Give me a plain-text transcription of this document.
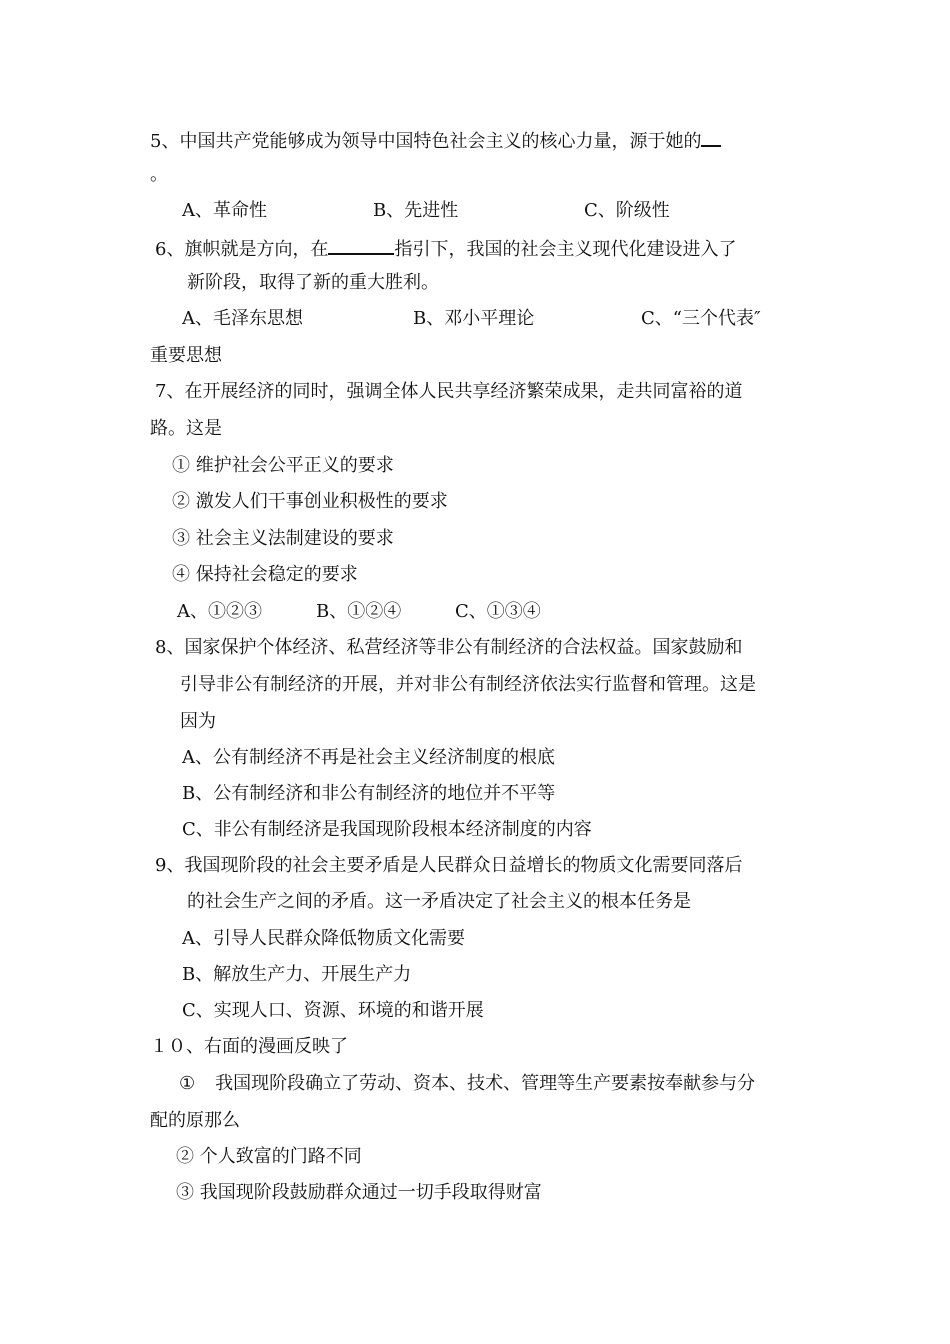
5、中国共产党能够成为领导中国特色社会主义的核心力量，源于她的
。
A、革命性	B、先进性	C、阶级性
6、旗帜就是方向，在	指引下，我国的社会主义现代化建设进入了
新阶段，取得了新的重大胜利。
A、毛泽东思想	B、邓小平理论	C、“三个代表″
重要思想
7、在开展经济的同时，强调全体人民共享经济繁荣成果，走共同富裕的道
路。这是
① 维护社会公平正义的要求
② 激发人们干事创业积极性的要求
③ 社会主义法制建设的要求
④ 保持社会稳定的要求
A、①②③	B、①②④	C、①③④
8、国家保护个体经济、私营经济等非公有制经济的合法权益。国家鼓励和
引导非公有制经济的开展，并对非公有制经济依法实行监督和管理。这是
因为
A、公有制经济不再是社会主义经济制度的根底
B、公有制经济和非公有制经济的地位并不平等
C、非公有制经济是我国现阶段根本经济制度的内容
9、我国现阶段的社会主要矛盾是人民群众日益增长的物质文化需要同落后
的社会生产之间的矛盾。这一矛盾决定了社会主义的根本任务是
A、引导人民群众降低物质文化需要
B、解放生产力、开展生产力
C、实现人口、资源、环境的和谐开展
１０、右面的漫画反映了
① 我国现阶段确立了劳动、资本、技术、管理等生产要素按奉献参与分
配的原那么
② 个人致富的门路不同
③ 我国现阶段鼓励群众通过一切手段取得财富
